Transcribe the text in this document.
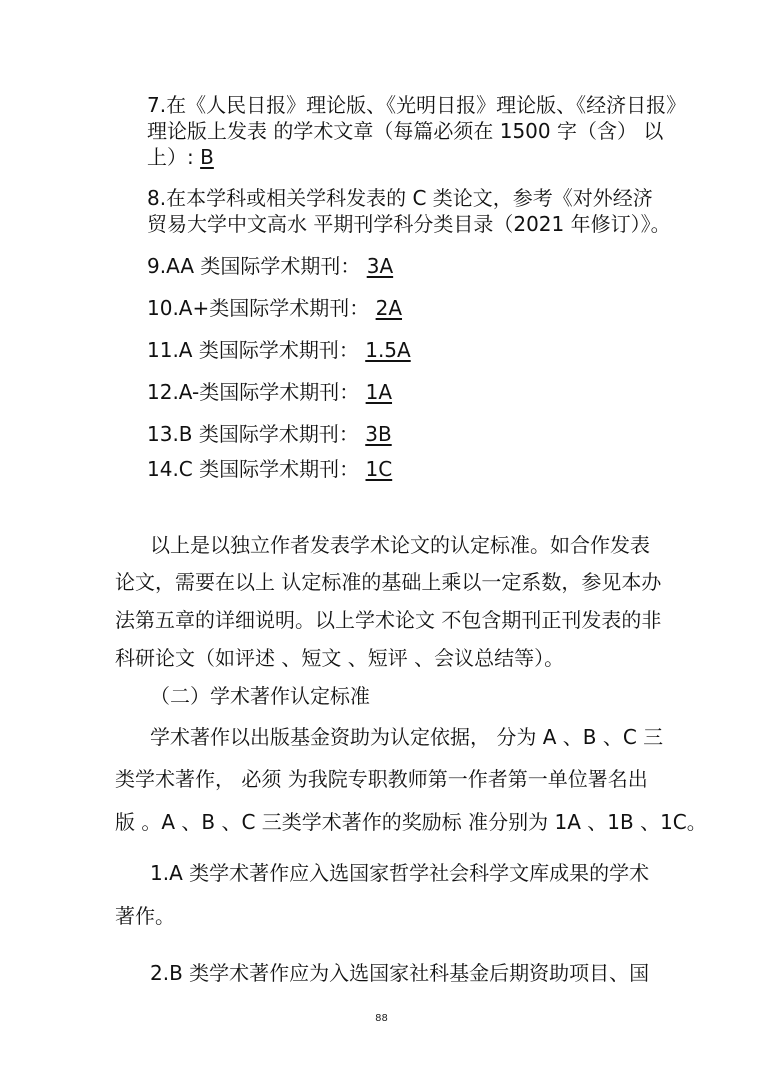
7.在《人民日报》理论版、《光明日报》理论版、《经济日报》
理论版上发表 的学术文章（每篇必须在 1500 字（含） 以
上）: B
8.在本学科或相关学科发表的 C 类论文，参考《对外经济
贸易大学中文高水 平期刊学科分类目录（2021 年修订）》。
9.AA 类国际学术期刊： 3A
10.A+类国际学术期刊： 2A
11.A 类国际学术期刊： 1.5A
12.A-类国际学术期刊： 1A
13.B 类国际学术期刊： 3B
14.C 类国际学术期刊： 1C
以上是以独立作者发表学术论文的认定标准。如合作发表
论文，需要在以上 认定标准的基础上乘以一定系数，参见本办
法第五章的详细说明。以上学术论文 不包含期刊正刊发表的非
科研论文（如评述 、短文 、短评 、会议总结等）。
（二）学术著作认定标准
学术著作以出版基金资助为认定依据， 分为 A 、B 、C 三
类学术著作， 必须 为我院专职教师第一作者第一单位署名出
版 。A 、B 、C 三类学术著作的奖励标 准分别为 1A 、1B 、1C。
1.A 类学术著作应入选国家哲学社会科学文库成果的学术
著作。
2.B 类学术著作应为入选国家社科基金后期资助项目、国
88
